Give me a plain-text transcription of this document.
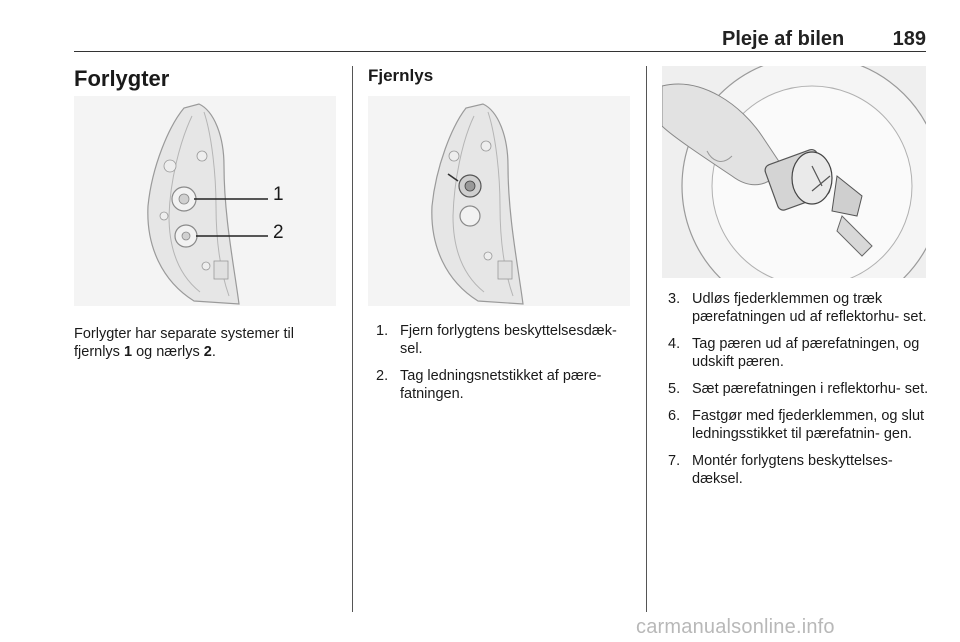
Pleje af bilen	189
Forlygter
1
2
Forlygter har separate systemer til fjernlys 1 og nærlys 2.
Fjernlys
1. Fjern forlygtens beskyttelsesdæk- sel.
2. Tag ledningsnetstikket af pære- fatningen.
3. Udløs fjederklemmen og træk pærefatningen ud af reflektorhu- set.
4. Tag pæren ud af pærefatningen, og udskift pæren.
5. Sæt pærefatningen i reflektorhu- set.
6. Fastgør med fjederklemmen, og slut ledningsstikket til pærefatnin- gen.
7. Montér forlygtens beskyttelses- dæksel.
carmanualsonline.info
